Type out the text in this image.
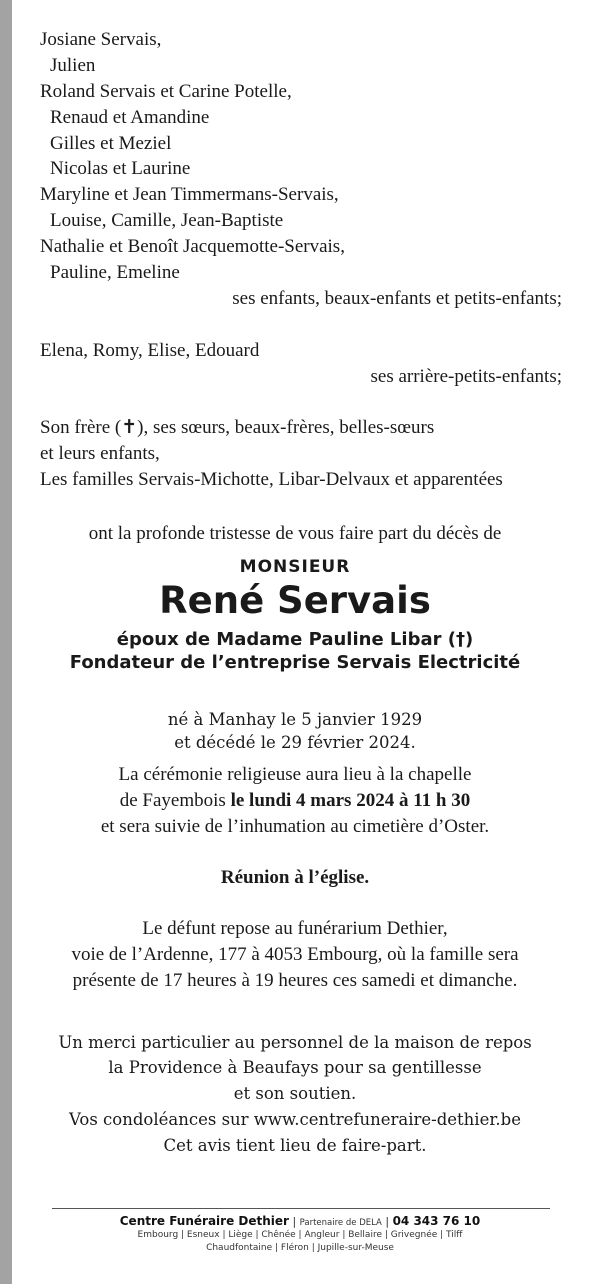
Josiane Servais,
Julien
Roland Servais et Carine Potelle,
Renaud et Amandine
Gilles et Meziel
Nicolas et Laurine
Maryline et Jean Timmermans-Servais,
Louise, Camille, Jean-Baptiste
Nathalie et Benoît Jacquemotte-Servais,
Pauline, Emeline
ses enfants, beaux-enfants et petits-enfants;
Elena, Romy, Elise, Edouard
ses arrière-petits-enfants;
Son frère (✝), ses sœurs, beaux-frères, belles-sœurs
et leurs enfants,
Les familles Servais-Michotte, Libar-Delvaux et apparentées
ont la profonde tristesse de vous faire part du décès de
MONSIEUR
René Servais
époux de Madame Pauline Libar (†)
Fondateur de l’entreprise Servais Electricité
né à Manhay le 5 janvier 1929
et décédé le 29 février 2024.
La cérémonie religieuse aura lieu à la chapelle
de Fayembois le lundi 4 mars 2024 à 11 h 30
et sera suivie de l’inhumation au cimetière d’Oster.
Réunion à l’église.
Le défunt repose au funérarium Dethier,
voie de l’Ardenne, 177 à 4053 Embourg, où la famille sera
présente de 17 heures à 19 heures ces samedi et dimanche.
Un merci particulier au personnel de la maison de repos
la Providence à Beaufays pour sa gentillesse
et son soutien.
Vos condoléances sur www.centrefuneraire-dethier.be
Cet avis tient lieu de faire-part.
Centre Funéraire Dethier | Partenaire de DELA | 04 343 76 10
Embourg | Esneux | Liège | Chênée | Angleur | Bellaire | Grivegnée | Tilff
Chaudfontaine | Fléron | Jupille-sur-Meuse
